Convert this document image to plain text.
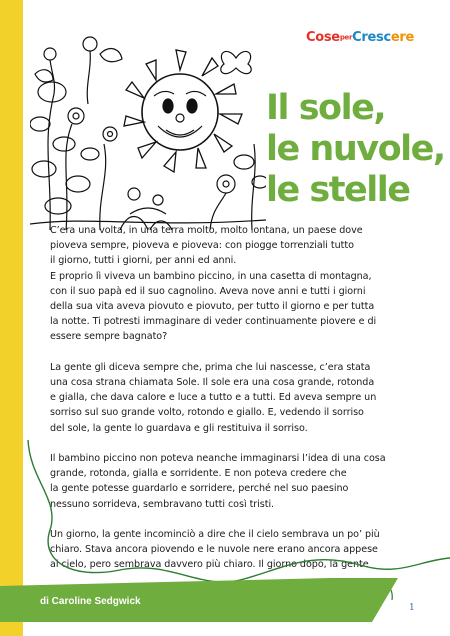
CoseperCrescere
Il sole,
le nuvole,
le stelle

C’era una volta, in una terra molto, molto lontana, un paese dove

pioveva sempre, pioveva e pioveva: con piogge torrenziali tutto

il giorno, tutti i giorni, per anni ed anni.

E proprio lì viveva un bambino piccino, in una casetta di montagna,

con il suo papà ed il suo cagnolino. Aveva nove anni e tutti i giorni

della sua vita aveva piovuto e piovuto, per tutto il giorno e per tutta

la notte. Ti potresti immaginare di veder continuamente piovere e di

essere sempre bagnato?

La gente gli diceva sempre che, prima che lui nascesse, c’era stata

una cosa strana chiamata Sole. Il sole era una cosa grande, rotonda

e gialla, che dava calore e luce a tutto e a tutti. Ed aveva sempre un

sorriso sul suo grande volto, rotondo e giallo. E, vedendo il sorriso

del sole, la gente lo guardava e gli restituiva il sorriso.

Il bambino piccino non poteva neanche immaginarsi l’idea di una cosa

grande, rotonda, gialla e sorridente. E non poteva credere che

la gente potesse guardarlo e sorridere, perché nel suo paesino

nessuno sorrideva, sembravano tutti così tristi.

Un giorno, la gente incominciò a dire che il cielo sembrava un po’ più

chiaro. Stava ancora piovendo e le nuvole nere erano ancora appese

al cielo, pero sembrava davvero più chiaro. Il giorno dopo, la gente

di Caroline Sedgwick
1
